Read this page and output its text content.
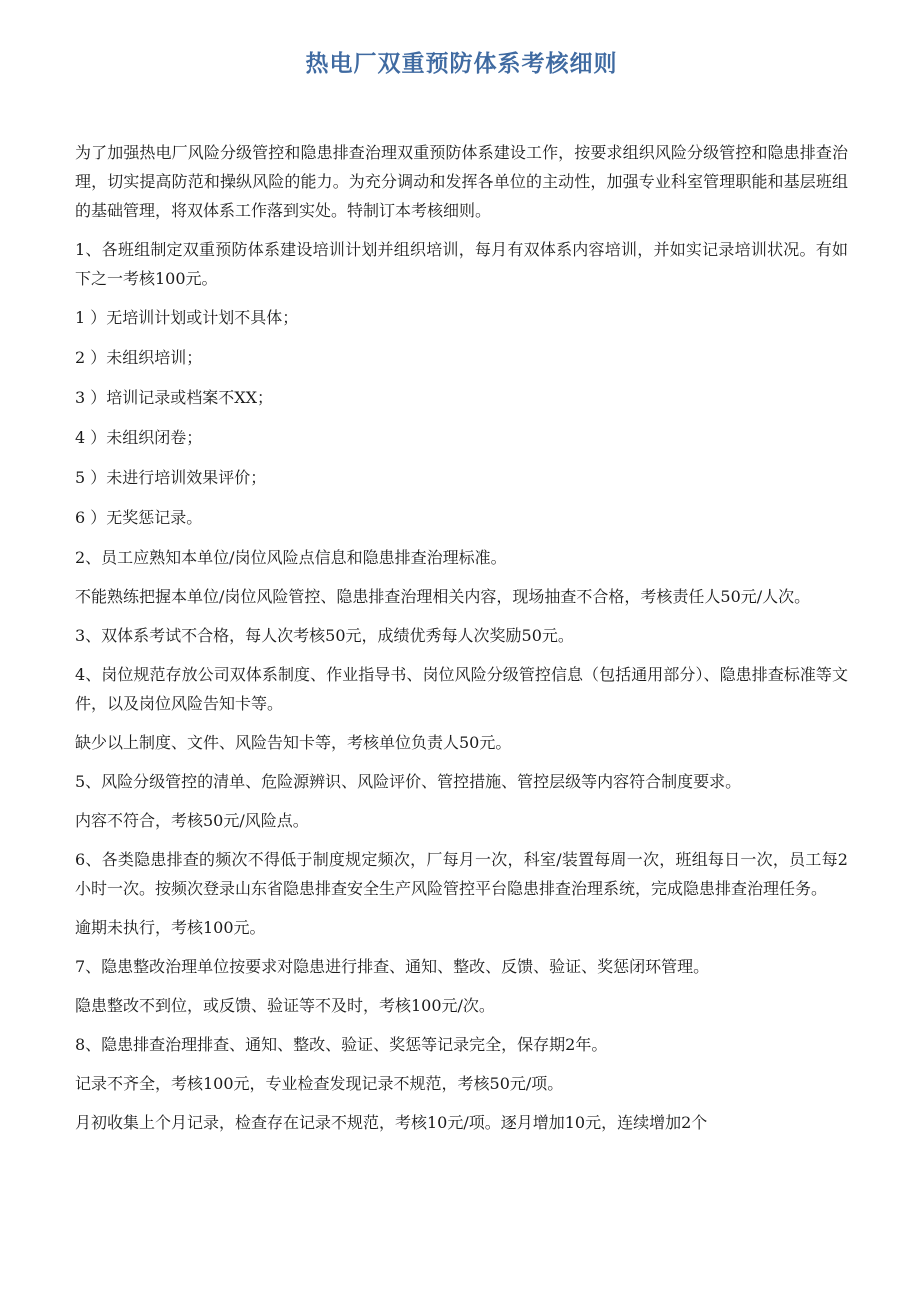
热电厂双重预防体系考核细则

为了加强热电厂风险分级管控和隐患排查治理双重预防体系建设工作，按要求组织风险分级管控和隐患排查治理，切实提高防范和操纵风险的能力。为充分调动和发挥各单位的主动性，加强专业科室管理职能和基层班组的基础管理，将双体系工作落到实处。特制订本考核细则。

1、各班组制定双重预防体系建设培训计划并组织培训，每月有双体系内容培训，并如实记录培训状况。有如下之一考核100元。

1 ）无培训计划或计划不具体；

2 ）未组织培训；

3 ）培训记录或档案不XX；

4 ）未组织闭卷；

5 ）未进行培训效果评价；

6 ）无奖惩记录。

2、员工应熟知本单位/岗位风险点信息和隐患排查治理标准。

不能熟练把握本单位/岗位风险管控、隐患排查治理相关内容，现场抽查不合格，考核责任人50元/人次。

3、双体系考试不合格，每人次考核50元，成绩优秀每人次奖励50元。

4、岗位规范存放公司双体系制度、作业指导书、岗位风险分级管控信息（包括通用部分）、隐患排查标准等文件，以及岗位风险告知卡等。

缺少以上制度、文件、风险告知卡等，考核单位负责人50元。

5、风险分级管控的清单、危险源辨识、风险评价、管控措施、管控层级等内容符合制度要求。

内容不符合，考核50元/风险点。

6、各类隐患排查的频次不得低于制度规定频次，厂每月一次，科室/装置每周一次，班组每日一次，员工每2小时一次。按频次登录山东省隐患排查安全生产风险管控平台隐患排查治理系统，完成隐患排查治理任务。

逾期未执行，考核100元。

7、隐患整改治理单位按要求对隐患进行排查、通知、整改、反馈、验证、奖惩闭环管理。

隐患整改不到位，或反馈、验证等不及时，考核100元/次。

8、隐患排查治理排查、通知、整改、验证、奖惩等记录完全，保存期2年。

记录不齐全，考核100元，专业检查发现记录不规范，考核50元/项。

月初收集上个月记录，检查存在记录不规范，考核10元/项。逐月增加10元，连续增加2个
